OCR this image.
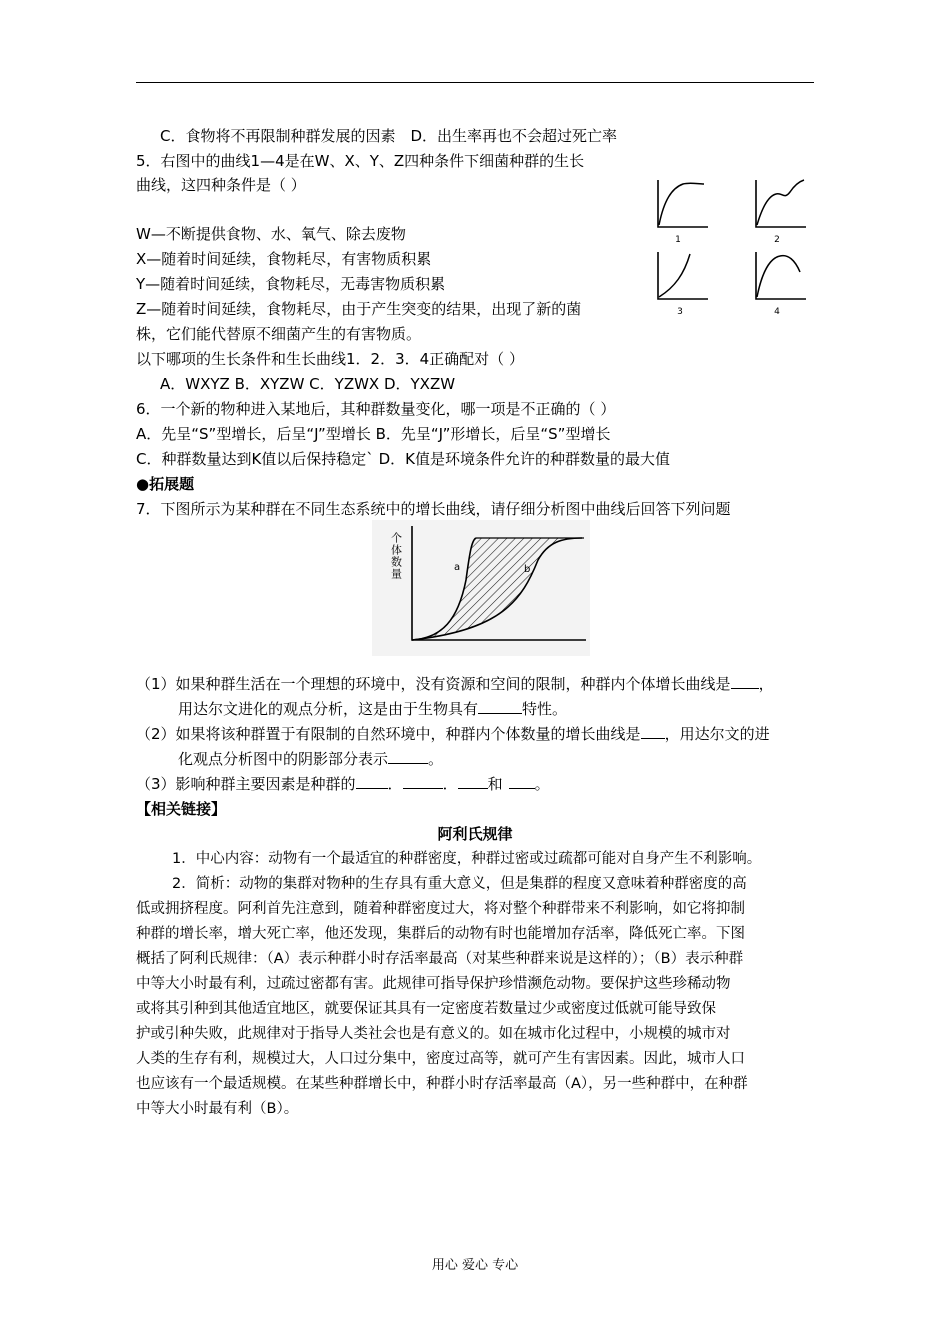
C．食物将不再限制种群发展的因素　D．出生率再也不会超过死亡率
5．右图中的曲线1—4是在W、X、Y、Z四种条件下细菌种群的生长
曲线，这四种条件是（ ）
W—不断提供食物、水、氧气、除去废物
X—随着时间延续，食物耗尽，有害物质积累
Y—随着时间延续，食物耗尽，无毒害物质积累
Z—随着时间延续，食物耗尽，由于产生突变的结果，出现了新的菌
株，它们能代替原不细菌产生的有害物质。
以下哪项的生长条件和生长曲线1．2．3．4正确配对（ ）
A．WXYZ B．XYZW C．YZWX D．YXZW
1	2
3	4
6．一个新的物种进入某地后，其种群数量变化，哪一项是不正确的（ ）
A．先呈“S”型增长，后呈“J”型增长 B．先呈“J”形增长，后呈“S”型增长
C．种群数量达到K值以后保持稳定` D．K值是环境条件允许的种群数量的最大值
●拓展题
7．下图所示为某种群在不同生态系统中的增长曲线，请仔细分析图中曲线后回答下列问题
a	b
个体数量
（1）如果种群生活在一个理想的环境中，没有资源和空间的限制，种群内个体增长曲线是 ，
用达尔文进化的观点分析，这是由于生物具有	特性。
（2）如果将该种群置于有限制的自然环境中，种群内个体数量的增长曲线是 ，用达尔文的进
化观点分析图中的阴影部分表示	。
（3）影响种群主要因素是种群的 ．	． 和 。
【相关链接】
阿利氏规律
1．中心内容：动物有一个最适宜的种群密度，种群过密或过疏都可能对自身产生不利影响。
2．简析：动物的集群对物种的生存具有重大意义，但是集群的程度又意味着种群密度的高
低或拥挤程度。阿利首先注意到，随着种群密度过大，将对整个种群带来不利影响，如它将抑制
种群的增长率，增大死亡率，他还发现，集群后的动物有时也能增加存活率，降低死亡率。下图
概括了阿利氏规律：（A）表示种群小时存活率最高（对某些种群来说是这样的）；（B）表示种群
中等大小时最有利，过疏过密都有害。此规律可指导保护珍惜濒危动物。要保护这些珍稀动物
或将其引种到其他适宜地区，就要保证其具有一定密度若数量过少或密度过低就可能导致保
护或引种失败，此规律对于指导人类社会也是有意义的。如在城市化过程中，小规模的城市对
人类的生存有利，规模过大，人口过分集中，密度过高等，就可产生有害因素。因此，城市人口
也应该有一个最适规模。在某些种群增长中，种群小时存活率最高（A），另一些种群中，在种群
中等大小时最有利（B）。
用心 爱心 专心
